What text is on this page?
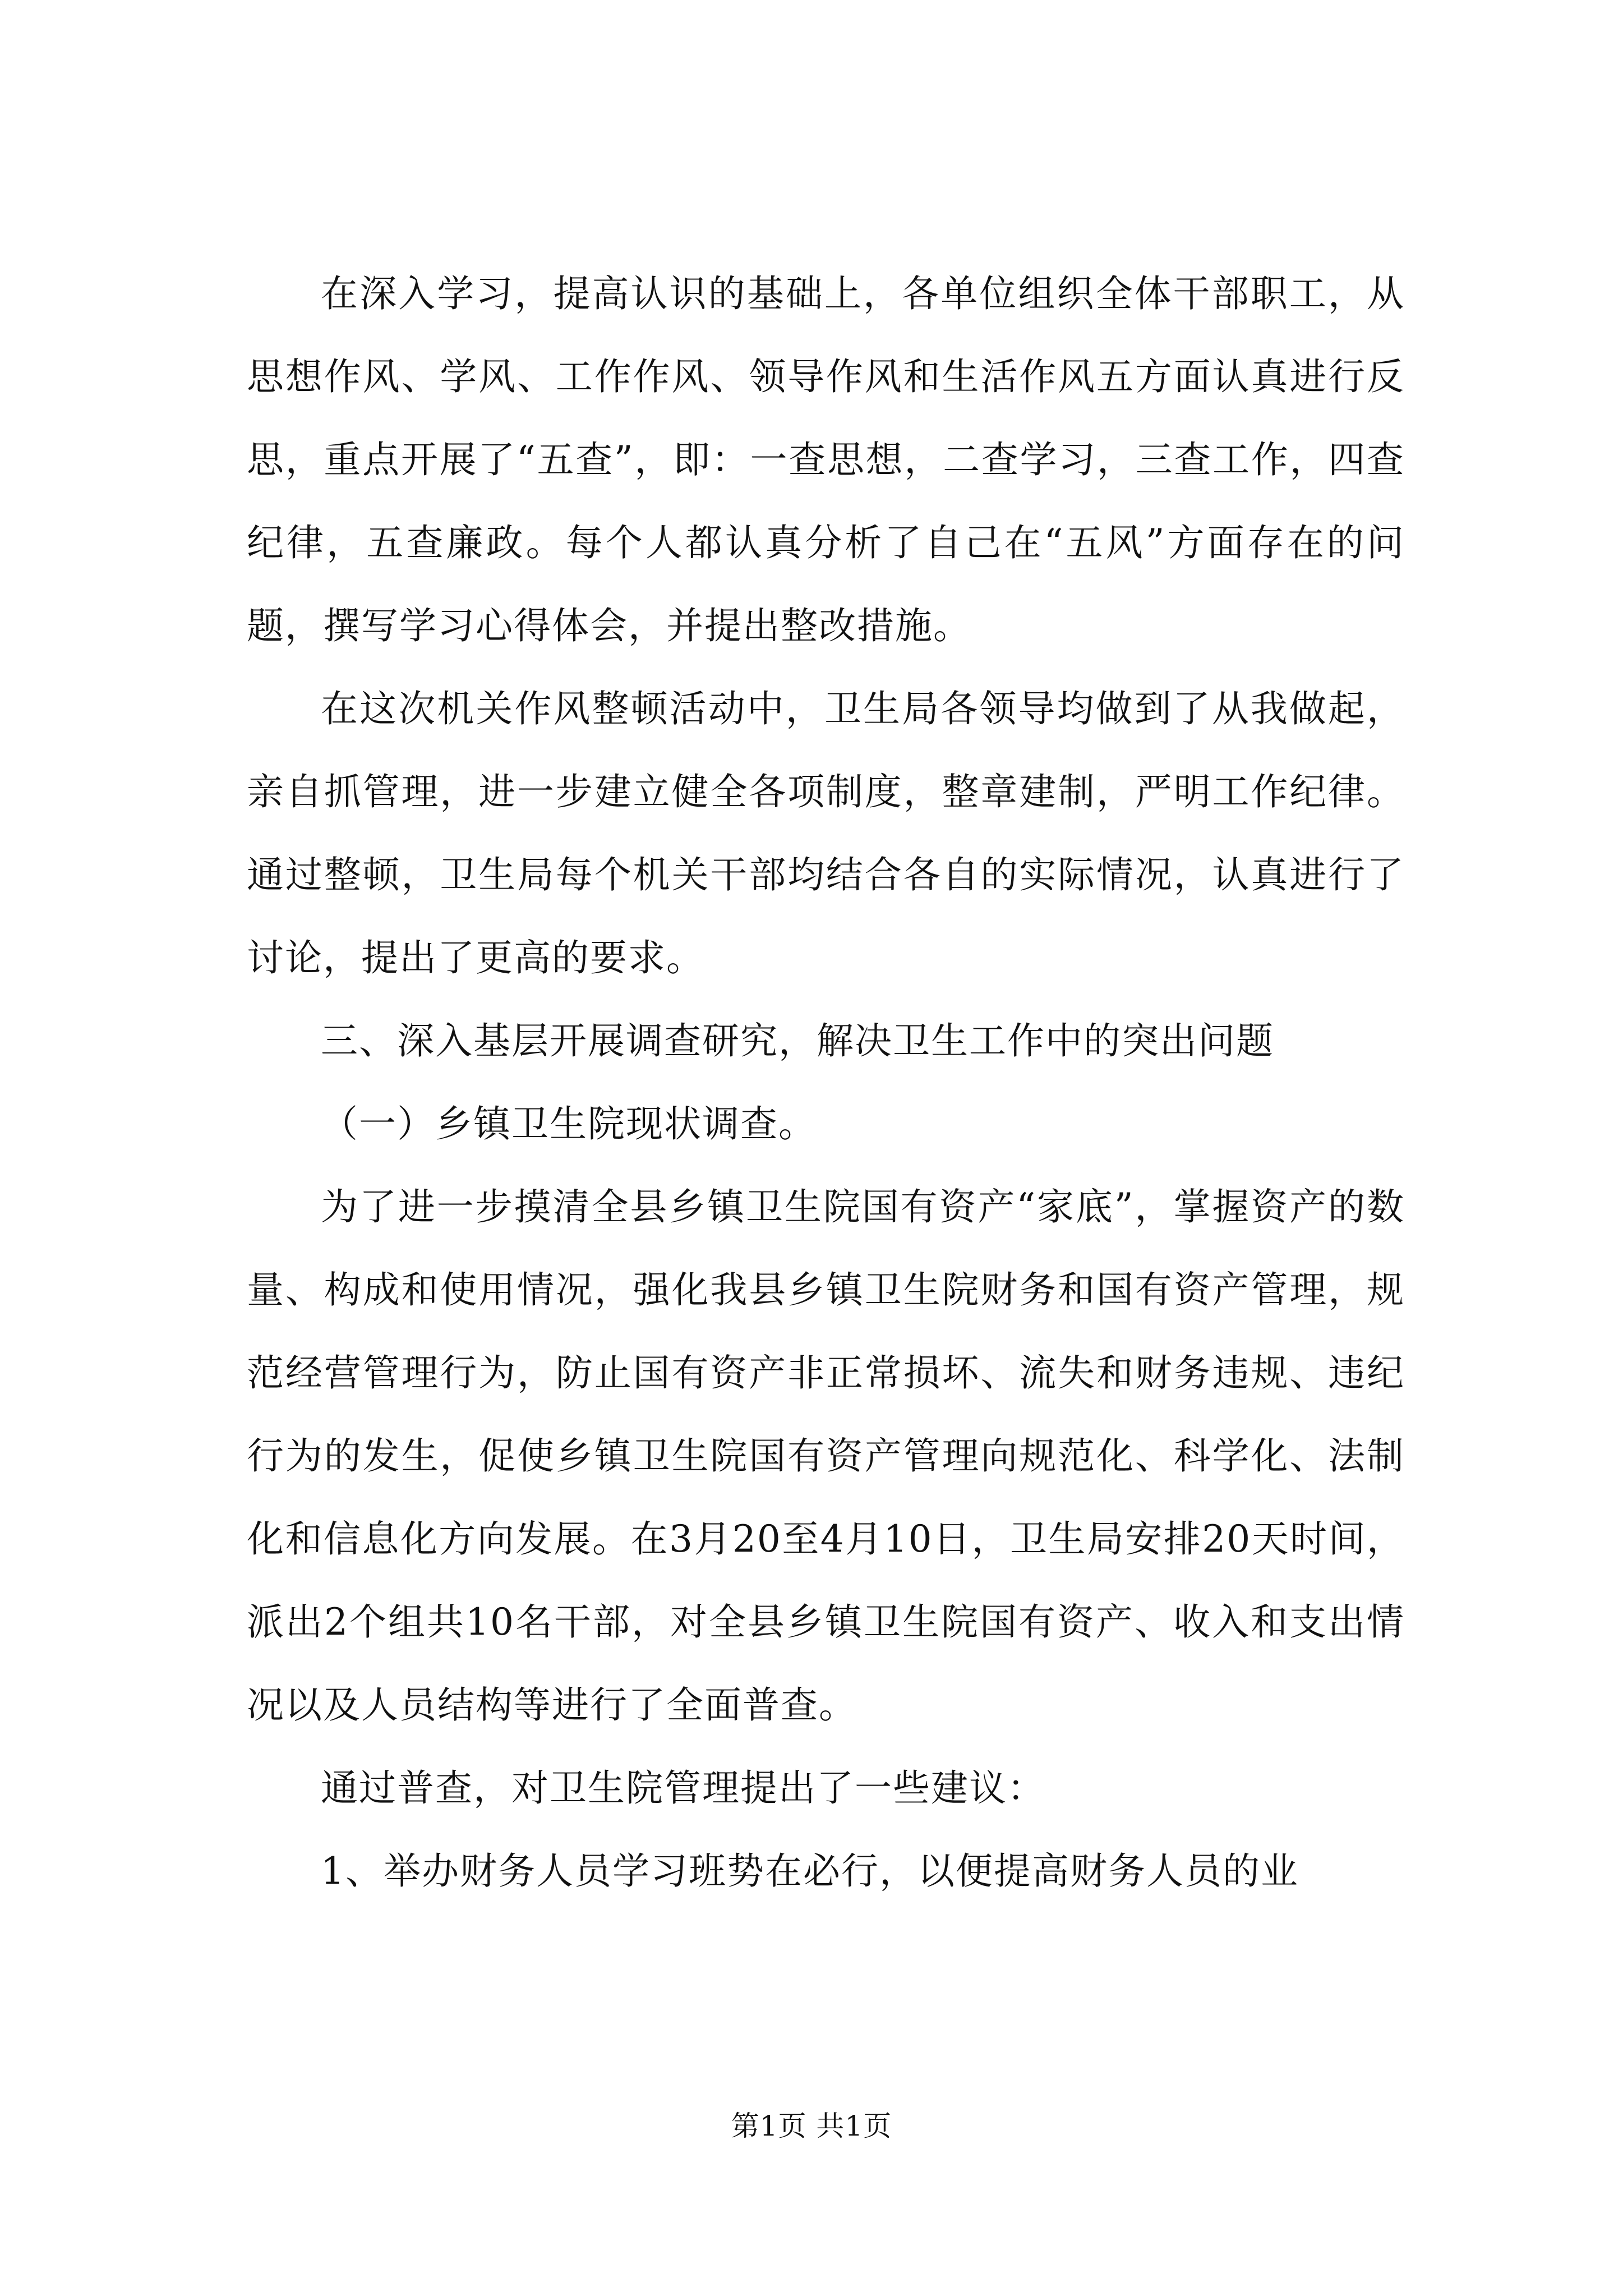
在深入学习，提高认识的基础上，各单位组织全体干部职工，从思想作风、学风、工作作风、领导作风和生活作风五方面认真进行反思，重点开展了“五查”，即：一查思想，二查学习，三查工作，四查纪律，五查廉政。每个人都认真分析了自己在“五风”方面存在的问题，撰写学习心得体会，并提出整改措施。

在这次机关作风整顿活动中，卫生局各领导均做到了从我做起，亲自抓管理，进一步建立健全各项制度，整章建制，严明工作纪律。通过整顿，卫生局每个机关干部均结合各自的实际情况，认真进行了讨论，提出了更高的要求。

三、深入基层开展调查研究，解决卫生工作中的突出问题

（一）乡镇卫生院现状调查。

为了进一步摸清全县乡镇卫生院国有资产“家底”，掌握资产的数量、构成和使用情况，强化我县乡镇卫生院财务和国有资产管理，规范经营管理行为，防止国有资产非正常损坏、流失和财务违规、违纪行为的发生，促使乡镇卫生院国有资产管理向规范化、科学化、法制化和信息化方向发展。在3月20至4月10日，卫生局安排20天时间，派出2个组共10名干部，对全县乡镇卫生院国有资产、收入和支出情况以及人员结构等进行了全面普查。

通过普查，对卫生院管理提出了一些建议：

1、举办财务人员学习班势在必行，以便提高财务人员的业

第1页 共1页
